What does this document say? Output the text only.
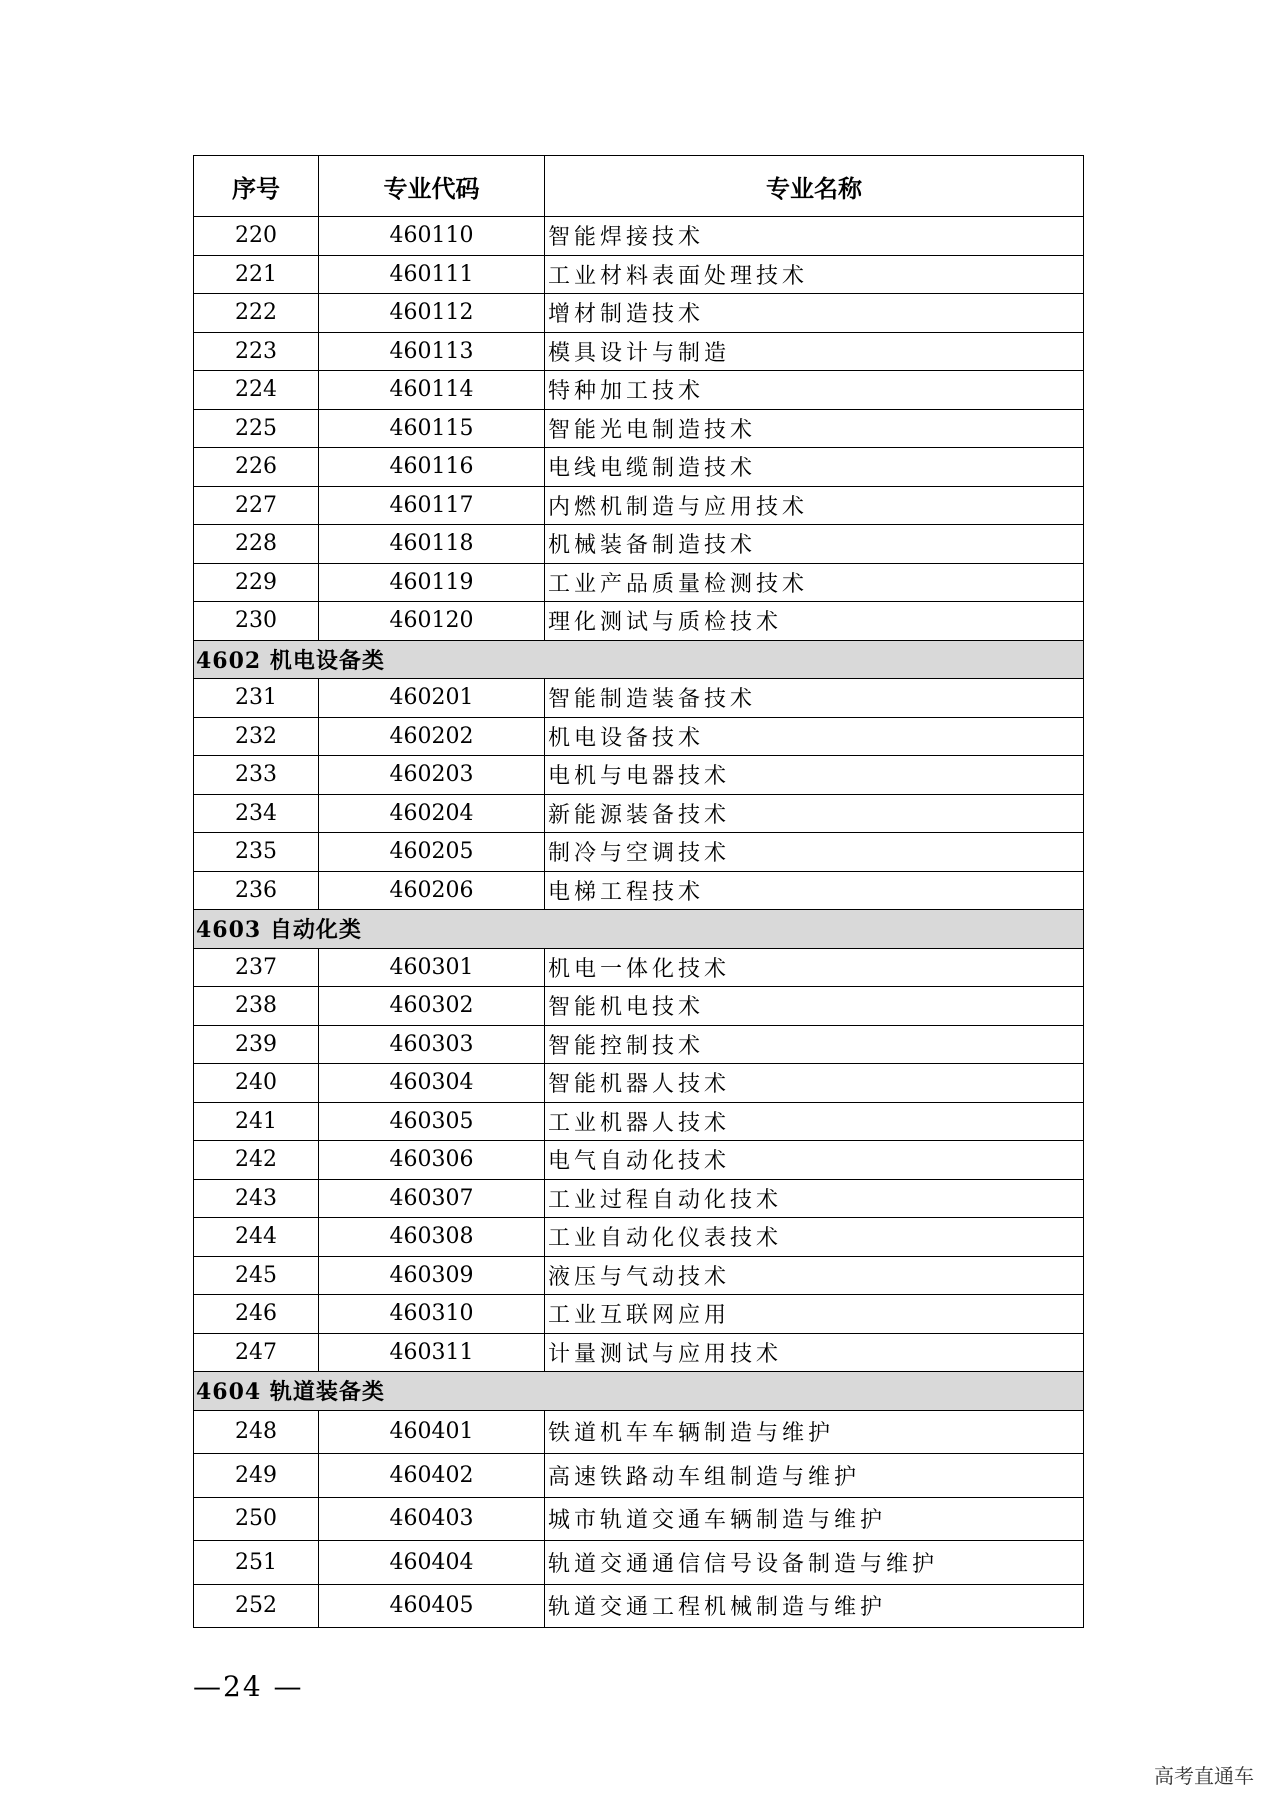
序号	专业代码	专业名称
220	460110	智能焊接技术
221	460111	工业材料表面处理技术
222	460112	增材制造技术
223	460113	模具设计与制造
224	460114	特种加工技术
225	460115	智能光电制造技术
226	460116	电线电缆制造技术
227	460117	内燃机制造与应用技术
228	460118	机械装备制造技术
229	460119	工业产品质量检测技术
230	460120	理化测试与质检技术
4602 机电设备类		
231	460201	智能制造装备技术
232	460202	机电设备技术
233	460203	电机与电器技术
234	460204	新能源装备技术
235	460205	制冷与空调技术
236	460206	电梯工程技术
4603 自动化类		
237	460301	机电一体化技术
238	460302	智能机电技术
239	460303	智能控制技术
240	460304	智能机器人技术
241	460305	工业机器人技术
242	460306	电气自动化技术
243	460307	工业过程自动化技术
244	460308	工业自动化仪表技术
245	460309	液压与气动技术
246	460310	工业互联网应用
247	460311	计量测试与应用技术
4604 轨道装备类		
248	460401	铁道机车车辆制造与维护
249	460402	高速铁路动车组制造与维护
250	460403	城市轨道交通车辆制造与维护
251	460404	轨道交通通信信号设备制造与维护
252	460405	轨道交通工程机械制造与维护
—24 —
高考直通车
